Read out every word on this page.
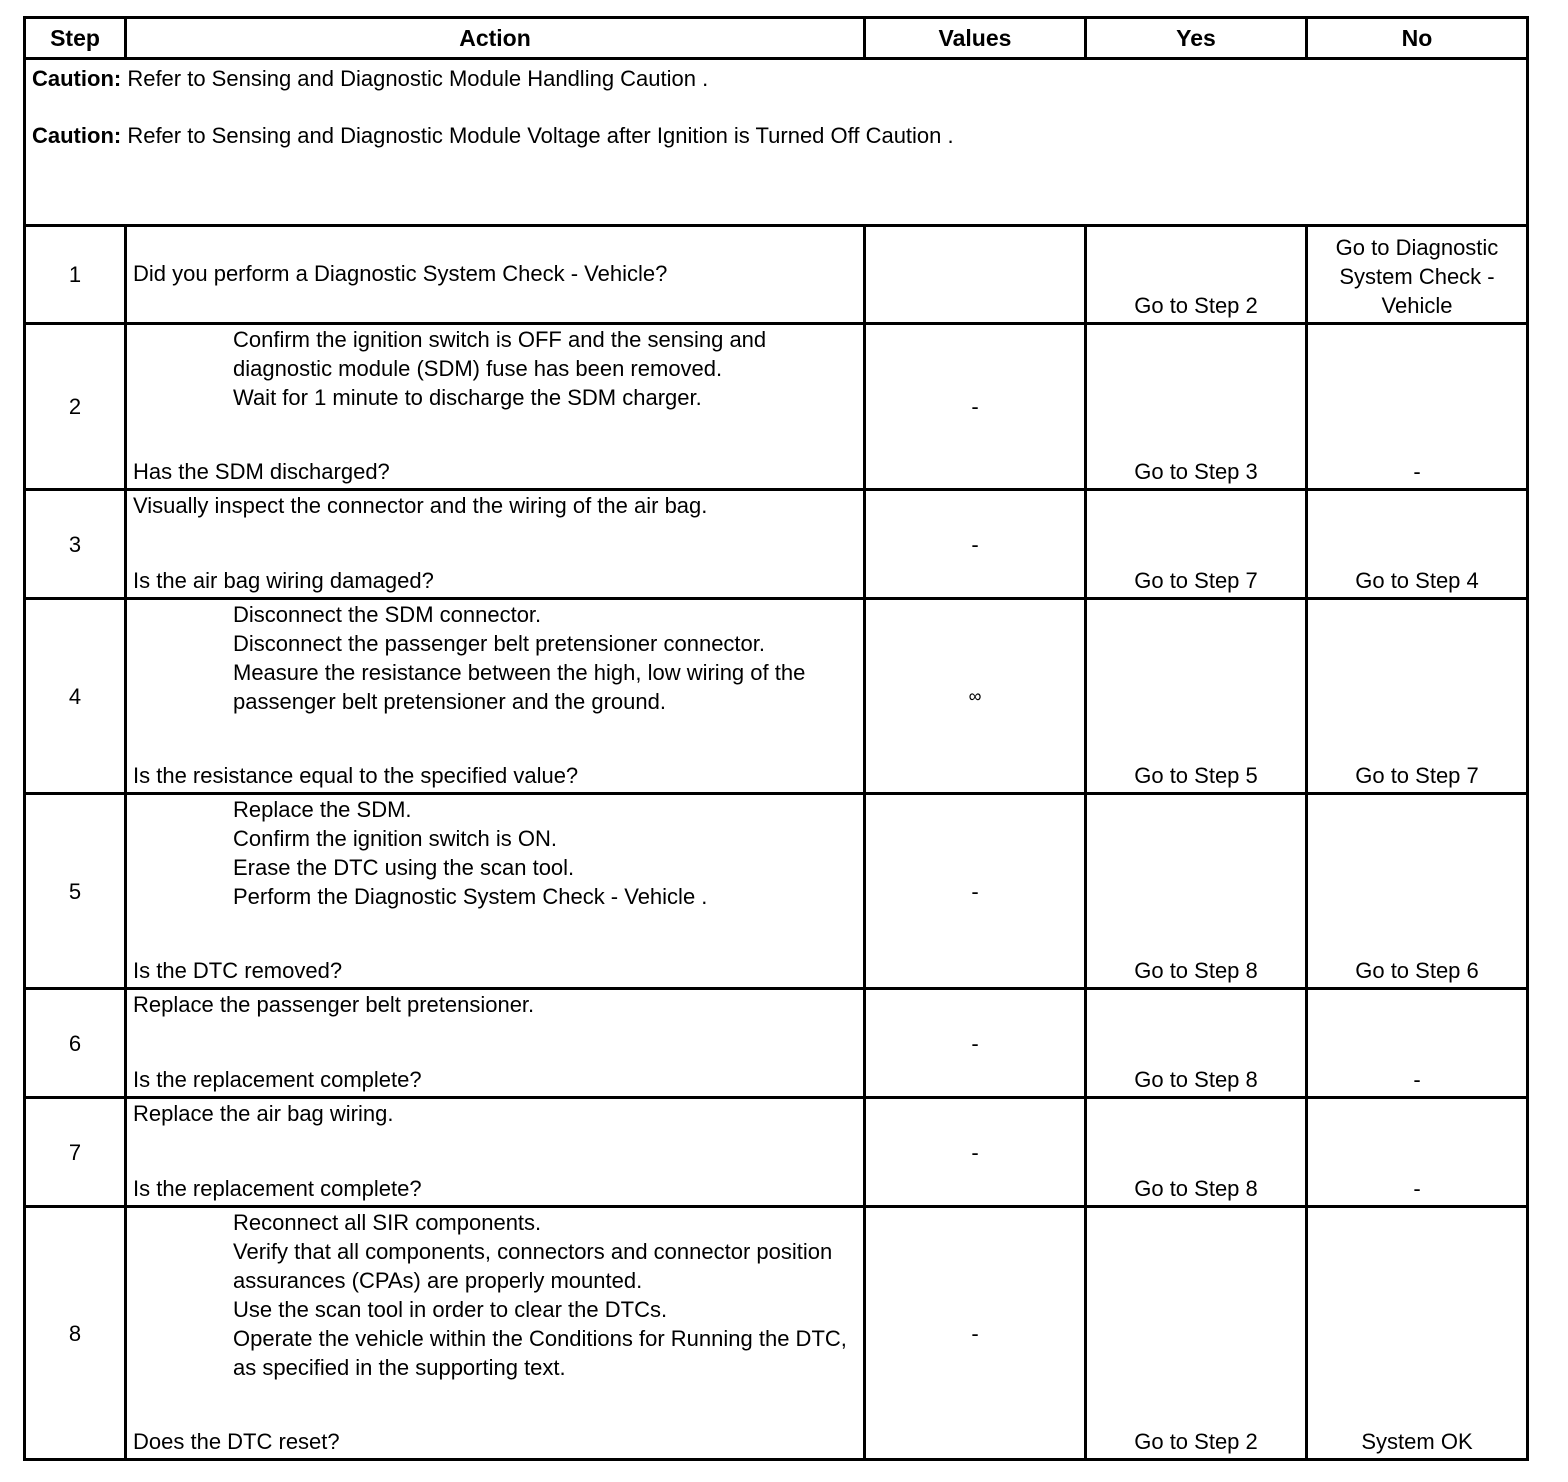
Step	Action	Values	Yes	No

Caution: Refer to Sensing and Diagnostic Module Handling Caution .

Caution: Refer to Sensing and Diagnostic Module Voltage after Ignition is Turned Off Caution .				

1	Did you perform a Diagnostic System Check - Vehicle?		Go to Step 2	Go to Diagnostic System Check - Vehicle
2	Confirm the ignition switch is OFF and the sensing and diagnostic module (SDM) fuse has been removed.
Wait for 1 minute to discharge the SDM charger.
Has the SDM discharged?	-	Go to Step 3	-
3	Visually inspect the connector and the wiring of the air bag.
Is the air bag wiring damaged?	-	Go to Step 7	Go to Step 4
4	Disconnect the SDM connector.
Disconnect the passenger belt pretensioner connector.
Measure the resistance between the high, low wiring of the passenger belt pretensioner and the ground.
Is the resistance equal to the specified value?	∞	Go to Step 5	Go to Step 7
5	Replace the SDM.
Confirm the ignition switch is ON.
Erase the DTC using the scan tool.
Perform the Diagnostic System Check - Vehicle .
Is the DTC removed?	-	Go to Step 8	Go to Step 6
6	Replace the passenger belt pretensioner.
Is the replacement complete?	-	Go to Step 8	-
7	Replace the air bag wiring.
Is the replacement complete?	-	Go to Step 8	-
8	Reconnect all SIR components.
Verify that all components, connectors and connector position assurances (CPAs) are properly mounted.
Use the scan tool in order to clear the DTCs.
Operate the vehicle within the Conditions for Running the DTC, as specified in the supporting text.
Does the DTC reset?	-	Go to Step 2	System OK
